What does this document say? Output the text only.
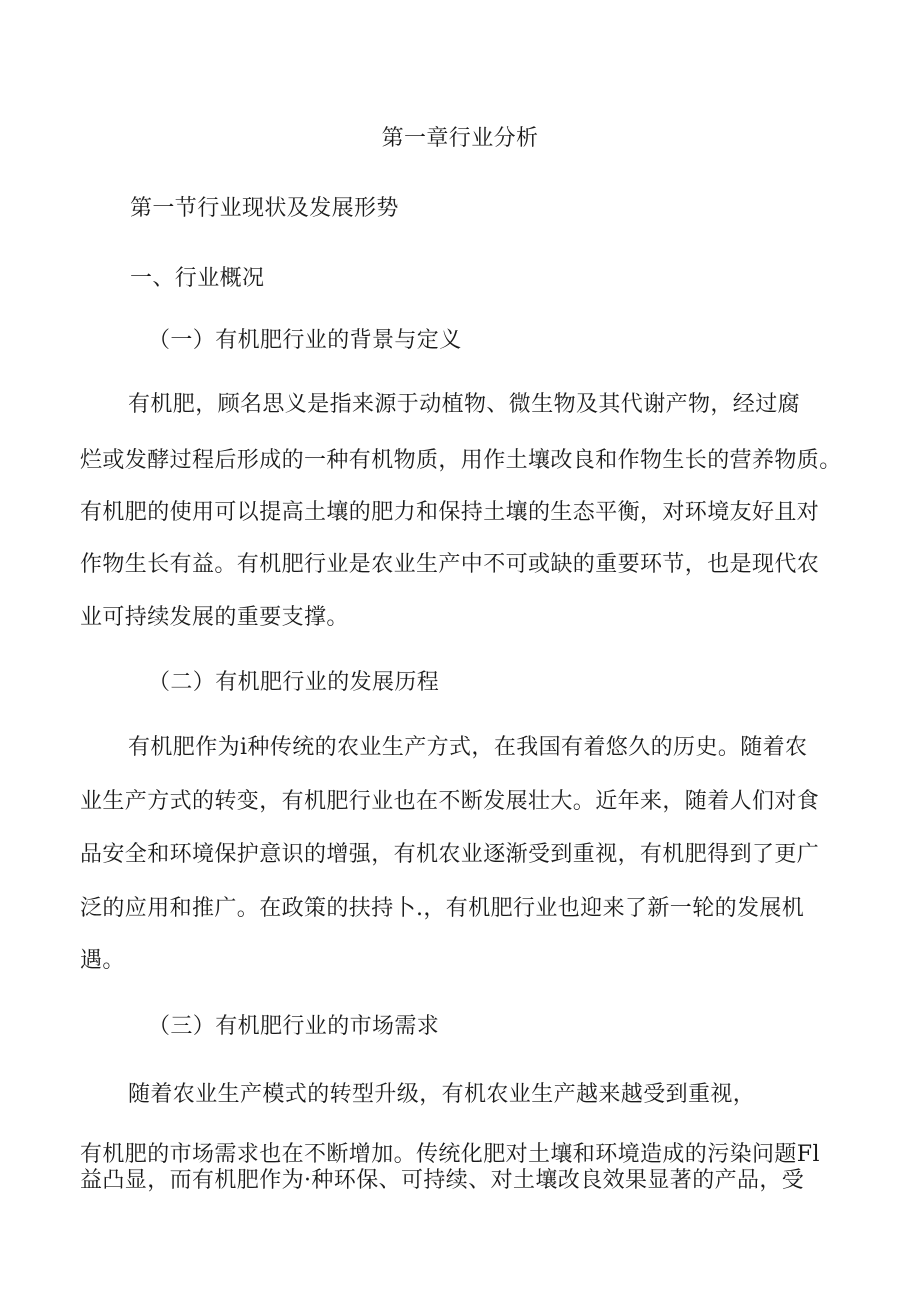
第一章行业分析
第一节行业现状及发展形势
一、行业概况
（一）有机肥行业的背景与定义
有机肥，顾名思义是指来源于动植物、微生物及其代谢产物，经过腐
烂或发酵过程后形成的一种有机物质，用作土壤改良和作物生长的营养物质。
有机肥的使用可以提高土壤的肥力和保持土壤的生态平衡，对环境友好且对
作物生长有益。有机肥行业是农业生产中不可或缺的重要环节，也是现代农
业可持续发展的重要支撑。
（二）有机肥行业的发展历程
有机肥作为i种传统的农业生产方式，在我国有着悠久的历史。随着农
业生产方式的转变，有机肥行业也在不断发展壮大。近年来，随着人们对食
品安全和环境保护意识的增强，有机农业逐渐受到重视，有机肥得到了更广
泛的应用和推广。在政策的扶持卜.，有机肥行业也迎来了新一轮的发展机
遇。
（三）有机肥行业的市场需求
随着农业生产模式的转型升级，有机农业生产越来越受到重视，
有机肥的市场需求也在不断增加。传统化肥对土壤和环境造成的污染问题Fl
益凸显，而有机肥作为·种环保、可持续、对土壤改良效果显著的产品，受
